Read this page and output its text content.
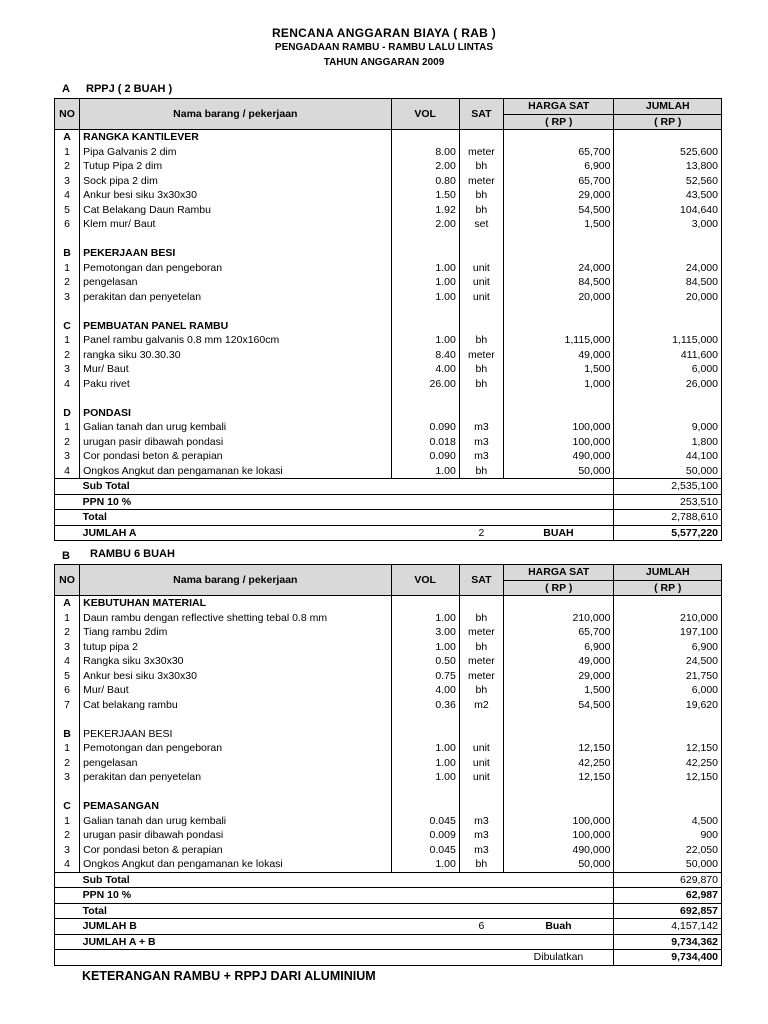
RENCANA ANGGARAN BIAYA ( RAB )
PENGADAAN RAMBU - RAMBU LALU LINTAS
TAHUN ANGGARAN 2009
A RPPJ ( 2 BUAH )
NO	Nama barang / pekerjaan	VOL	SAT	HARGA SAT	JUMLAH
				( RP )	( RP )
A	RANGKA KANTILEVER				
1	Pipa Galvanis 2 dim	8.00	meter	65,700	525,600
2	Tutup Pipa 2 dim	2.00	bh	6,900	13,800
3	Sock pipa 2 dim	0.80	meter	65,700	52,560
4	Ankur besi siku 3x30x30	1.50	bh	29,000	43,500
5	Cat Belakang Daun Rambu	1.92	bh	54,500	104,640
6	Klem mur/ Baut	2.00	set	1,500	3,000

B	PEKERJAAN BESI				
1	Pemotongan dan pengeboran	1.00	unit	24,000	24,000
2	pengelasan	1.00	unit	84,500	84,500
3	perakitan dan penyetelan	1.00	unit	20,000	20,000

C	PEMBUATAN PANEL RAMBU				
1	Panel rambu galvanis 0.8 mm 120x160cm	1.00	bh	1,115,000	1,115,000
2	rangka siku 30.30.30	8.40	meter	49,000	411,600
3	Mur/ Baut	4.00	bh	1,500	6,000
4	Paku rivet	26.00	bh	1,000	26,000

D	PONDASI				
1	Galian tanah dan urug kembali	0.090	m3	100,000	9,000
2	urugan pasir dibawah pondasi	0.018	m3	100,000	1,800
3	Cor pondasi beton & perapian	0.090	m3	490,000	44,100
4	Ongkos Angkut dan pengamanan ke lokasi	1.00	bh	50,000	50,000
	Sub Total				2,535,100
	PPN 10 %				253,510
	Total				2,788,610
	JUMLAH A		2	BUAH	5,577,220
B RAMBU 6 BUAH
NO	Nama barang / pekerjaan	VOL	SAT	HARGA SAT	JUMLAH
				( RP )	( RP )
A	KEBUTUHAN MATERIAL				
1	Daun rambu dengan reflective shetting tebal 0.8 mm	1.00	bh	210,000	210,000
2	Tiang rambu 2dim	3.00	meter	65,700	197,100
3	tutup pipa 2	1.00	bh	6,900	6,900
4	Rangka siku 3x30x30	0.50	meter	49,000	24,500
5	Ankur besi siku 3x30x30	0.75	meter	29,000	21,750
6	Mur/ Baut	4.00	bh	1,500	6,000
7	Cat belakang rambu	0.36	m2	54,500	19,620

B	PEKERJAAN BESI				
1	Pemotongan dan pengeboran	1.00	unit	12,150	12,150
2	pengelasan	1.00	unit	42,250	42,250
3	perakitan dan penyetelan	1.00	unit	12,150	12,150

C	PEMASANGAN				
1	Galian tanah dan urug kembali	0.045	m3	100,000	4,500
2	urugan pasir dibawah pondasi	0.009	m3	100,000	900
3	Cor pondasi beton & perapian	0.045	m3	490,000	22,050
4	Ongkos Angkut dan pengamanan ke lokasi	1.00	bh	50,000	50,000
	Sub Total				629,870
	PPN 10 %				62,987
	Total				692,857
	JUMLAH B		6	Buah	4,157,142
	JUMLAH A + B				9,734,362
				Dibulatkan	9,734,400
KETERANGAN RAMBU + RPPJ DARI ALUMINIUM
